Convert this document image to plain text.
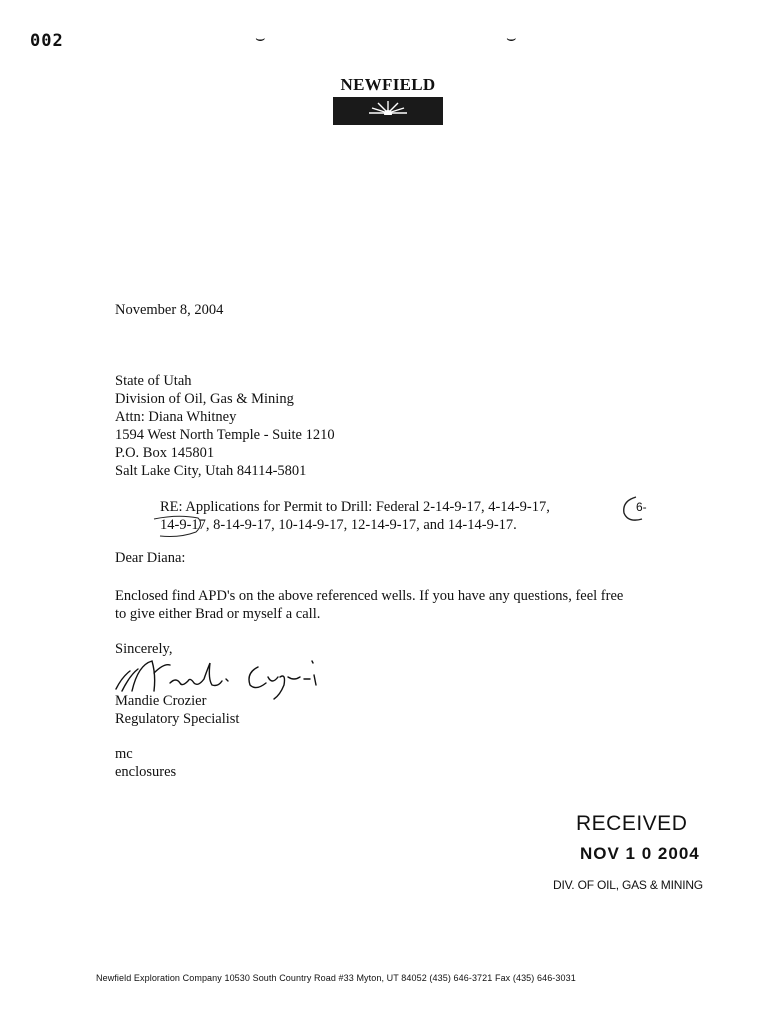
002	⌣	⌣
NEWFIELD
November 8, 2004
State of Utah
Division of Oil, Gas & Mining
Attn: Diana Whitney
1594 West North Temple - Suite 1210
P.O. Box 145801
Salt Lake City, Utah 84114-5801
RE: Applications for Permit to Drill: Federal 2-14-9-17, 4-14-9-17,
14-9-17, 8-14-9-17, 10-14-9-17, 12-14-9-17, and 14-14-9-17.
6-
Dear Diana:
Enclosed find APD's on the above referenced wells. If you have any questions, feel free
to give either Brad or myself a call.
Sincerely,
Mandie Crozier
Regulatory Specialist
mc
enclosures
RECEIVED
NOV 1 0 2004
DIV. OF OIL, GAS & MINING
Newfield Exploration Company 10530 South Country Road #33 Myton, UT 84052 (435) 646-3721 Fax (435) 646-3031
